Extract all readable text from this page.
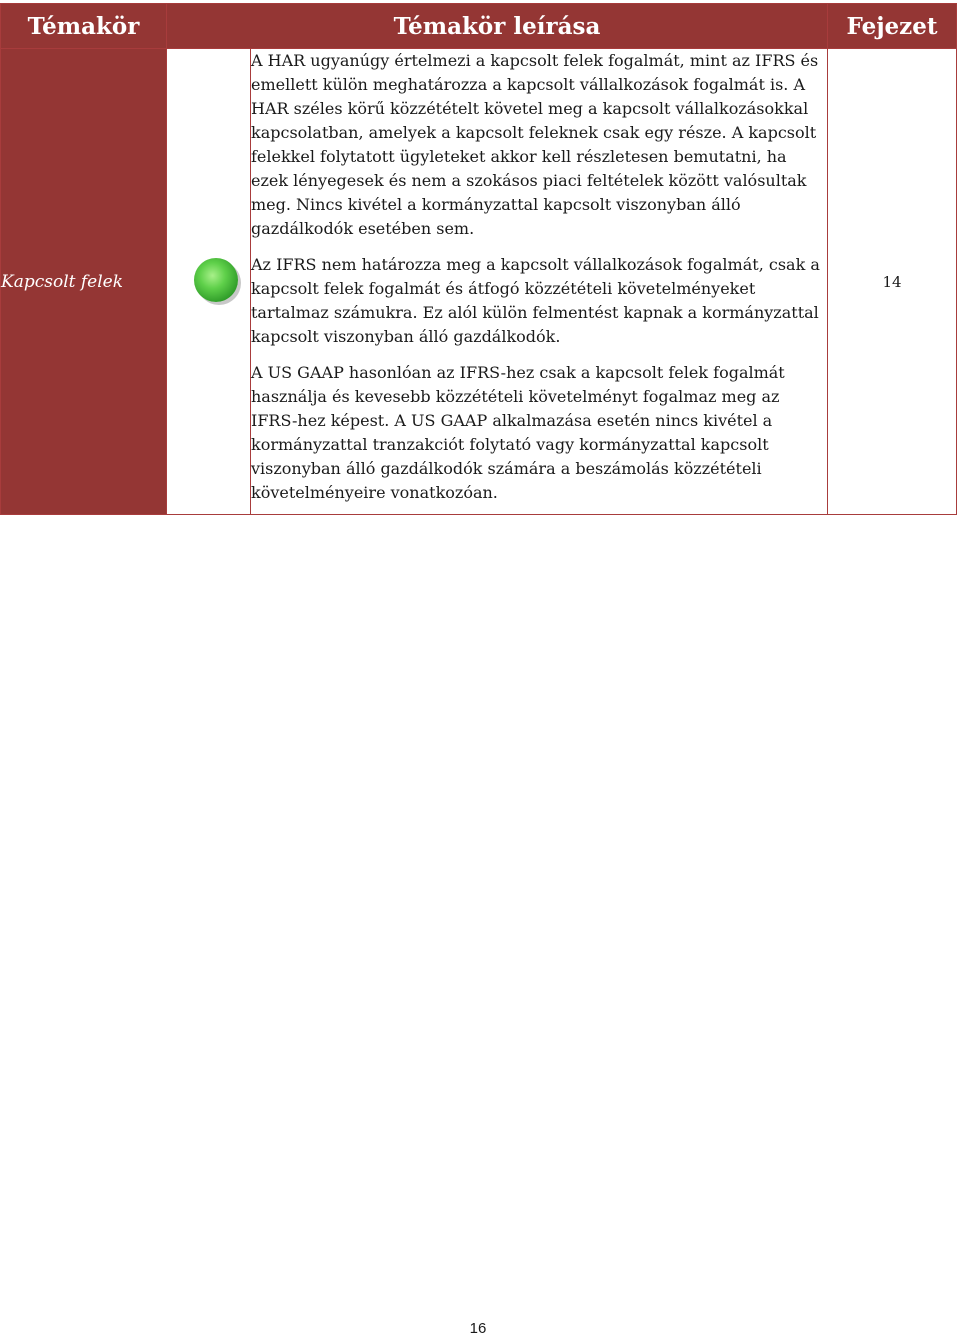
Témakör	Témakör leírása		Fejezet
Kapcsolt felek		A HAR ugyanúgy értelmezi a kapcsolt felek fogalmát, mint az IFRS és emellett külön meghatározza a kapcsolt vállalkozások fogalmát is. A HAR széles körű közzétételt követel meg a kapcsolt vállalkozásokkal kapcsolatban, amelyek a kapcsolt feleknek csak egy része. A kapcsolt felekkel folytatott ügyleteket akkor kell részletesen bemutatni, ha ezek lényegesek és nem a szokásos piaci feltételek között valósultak meg. Nincs kivétel a kormányzattal kapcsolt viszonyban álló gazdálkodók esetében sem.

Az IFRS nem határozza meg a kapcsolt vállalkozások fogalmát, csak a kapcsolt felek fogalmát és átfogó közzétételi követelményeket tartalmaz számukra. Ez alól külön felmentést kapnak a kormányzattal kapcsolt viszonyban álló gazdálkodók.

A US GAAP hasonlóan az IFRS-hez csak a kapcsolt felek fogalmát használja és kevesebb közzétételi követelményt fogalmaz meg az IFRS-hez képest. A US GAAP alkalmazása esetén nincs kivétel a kormányzattal tranzakciót folytató vagy kormányzattal kapcsolt viszonyban álló gazdálkodók számára a beszámolás közzétételi követelményeire vonatkozóan.	14
16
